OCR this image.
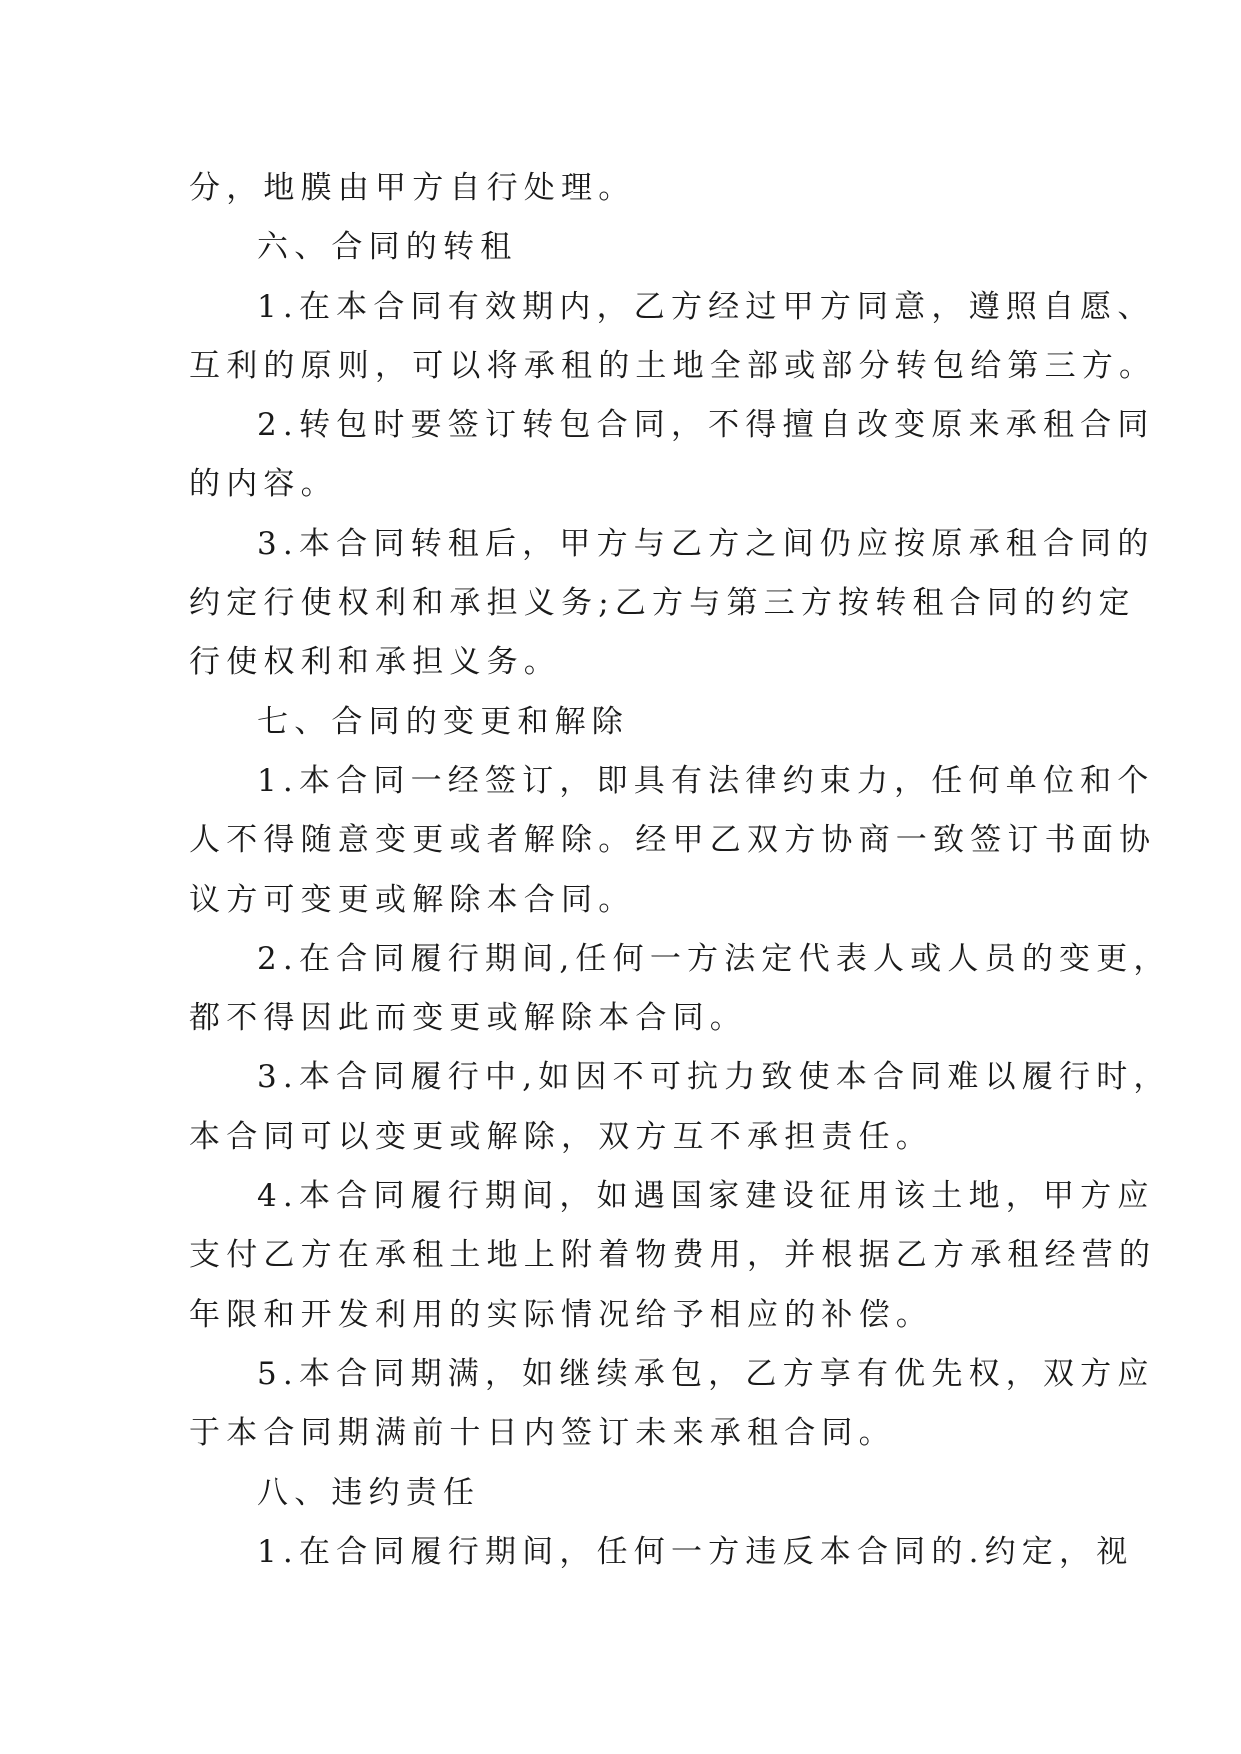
分，地膜由甲方自行处理。
六、合同的转租
1.在本合同有效期内，乙方经过甲方同意，遵照自愿、
互利的原则，可以将承租的土地全部或部分转包给第三方。
2.转包时要签订转包合同，不得擅自改变原来承租合同
的内容。
3.本合同转租后，甲方与乙方之间仍应按原承租合同的
约定行使权利和承担义务;乙方与第三方按转租合同的约定
行使权利和承担义务。
七、合同的变更和解除
1.本合同一经签订，即具有法律约束力，任何单位和个
人不得随意变更或者解除。经甲乙双方协商一致签订书面协
议方可变更或解除本合同。
2.在合同履行期间,任何一方法定代表人或人员的变更，
都不得因此而变更或解除本合同。
3.本合同履行中,如因不可抗力致使本合同难以履行时，
本合同可以变更或解除，双方互不承担责任。
4.本合同履行期间，如遇国家建设征用该土地，甲方应
支付乙方在承租土地上附着物费用，并根据乙方承租经营的
年限和开发利用的实际情况给予相应的补偿。
5.本合同期满，如继续承包，乙方享有优先权，双方应
于本合同期满前十日内签订未来承租合同。
八、违约责任
1.在合同履行期间，任何一方违反本合同的.约定，视
